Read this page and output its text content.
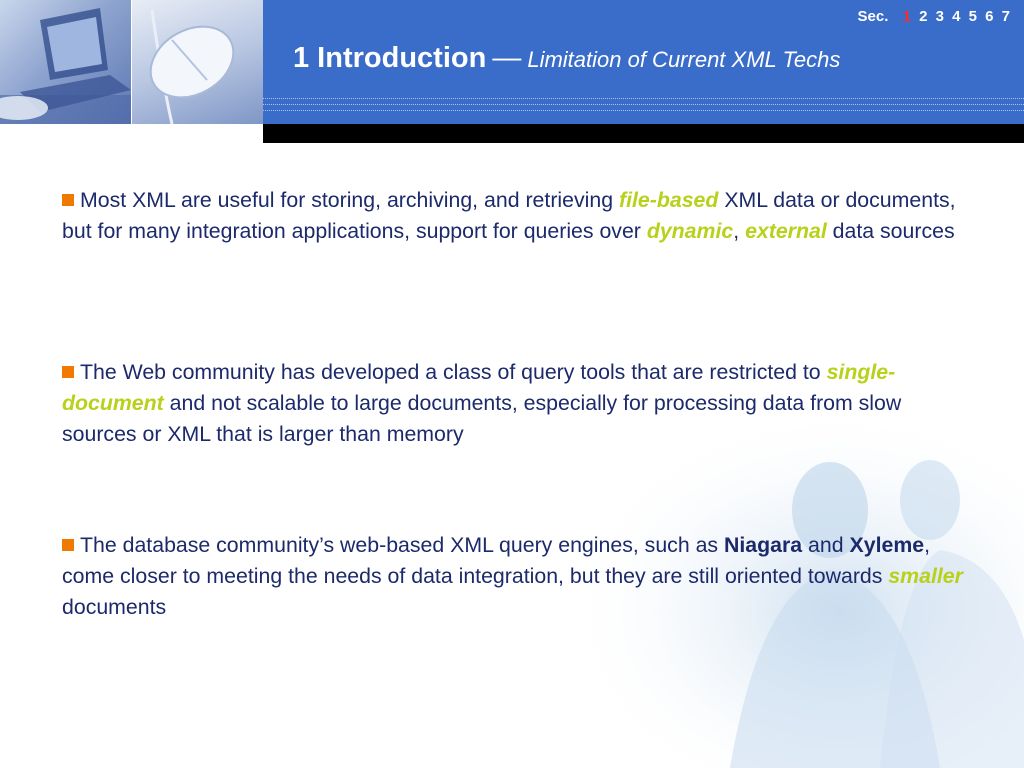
Sec. 1 2 3 4 5 6 7
1 Introduction — Limitation of Current XML Techs
Most XML are useful for storing, archiving, and retrieving file-based XML data or documents, but for many integration applications, support for queries over dynamic, external data sources
The Web community has developed a class of query tools that are restricted to single-document and not scalable to large documents, especially for processing data from slow sources or XML that is larger than memory
The database community’s web-based XML query engines, such as Niagara and Xyleme, come closer to meeting the needs of data integration, but they are still oriented towards smaller documents
